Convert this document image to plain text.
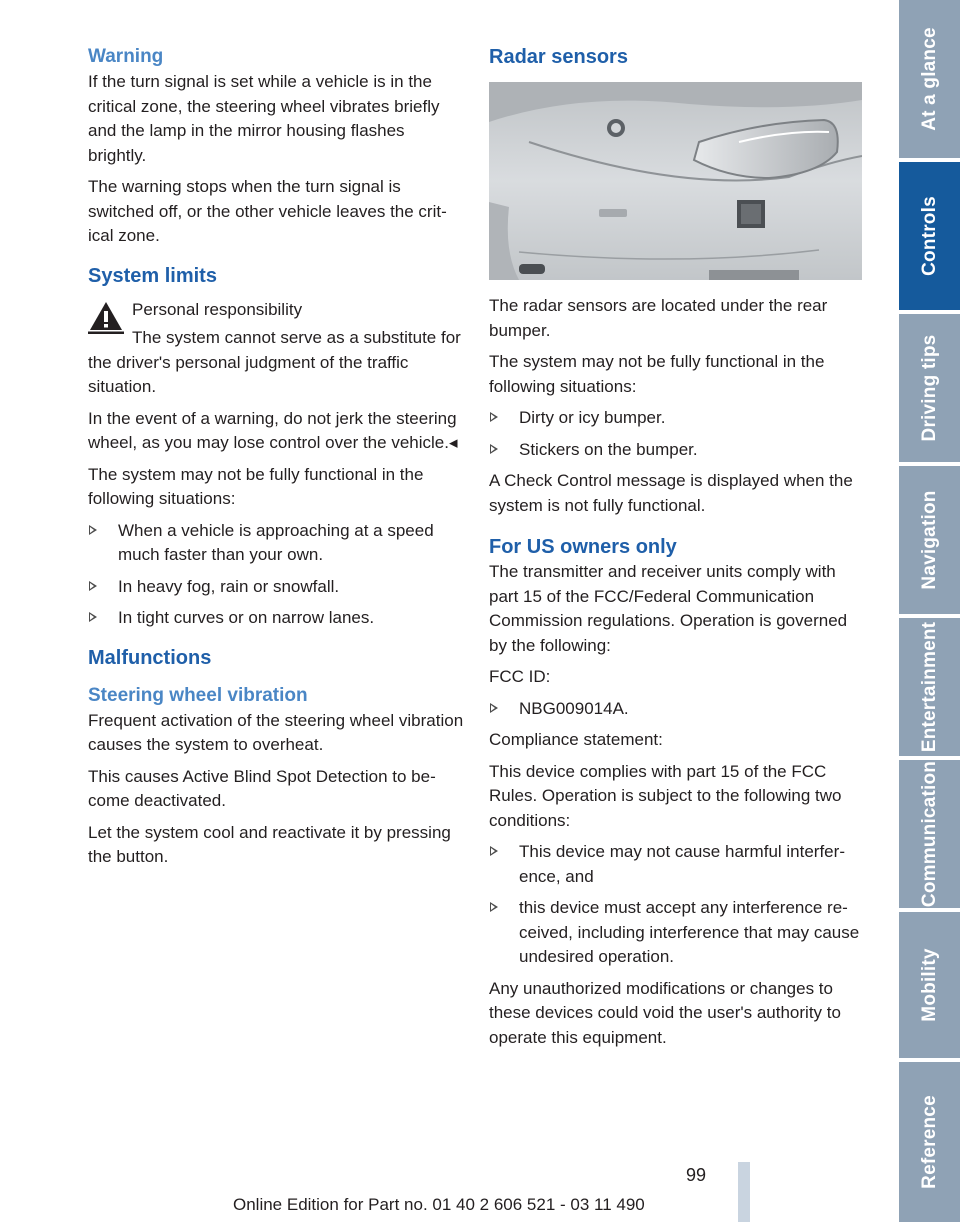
Warning

If the turn signal is set while a vehicle is in the critical zone, the steering wheel vibrates briefly and the lamp in the mirror housing flashes brightly.

The warning stops when the turn signal is switched off, or the other vehicle leaves the critical zone.

System limits

Personal responsibility

The system cannot serve as a substitute for the driver's personal judgment of the traffic situation.

In the event of a warning, do not jerk the steering wheel, as you may lose control over the vehicle.◂

The system may not be fully functional in the following situations:

When a vehicle is approaching at a speed much faster than your own.
In heavy fog, rain or snowfall.
In tight curves or on narrow lanes.
Malfunctions
Steering wheel vibration

Frequent activation of the steering wheel vibration causes the system to overheat.

This causes Active Blind Spot Detection to become deactivated.

Let the system cool and reactivate it by pressing the button.

Radar sensors

The radar sensors are located under the rear bumper.

The system may not be fully functional in the following situations:

Dirty or icy bumper.
Stickers on the bumper.

A Check Control message is displayed when the system is not fully functional.

For US owners only

The transmitter and receiver units comply with part 15 of the FCC/Federal Communication Commission regulations. Operation is governed by the following:

FCC ID:

NBG009014A.

Compliance statement:

This device complies with part 15 of the FCC Rules. Operation is subject to the following two conditions:

This device may not cause harmful interference, and
this device must accept any interference received, including interference that may cause undesired operation.

Any unauthorized modifications or changes to these devices could void the user's authority to operate this equipment.

At a glance
Controls
Driving tips
Navigation
Entertainment
Communication
Mobility
Reference
99
Online Edition for Part no. 01 40 2 606 521 - 03 11 490
